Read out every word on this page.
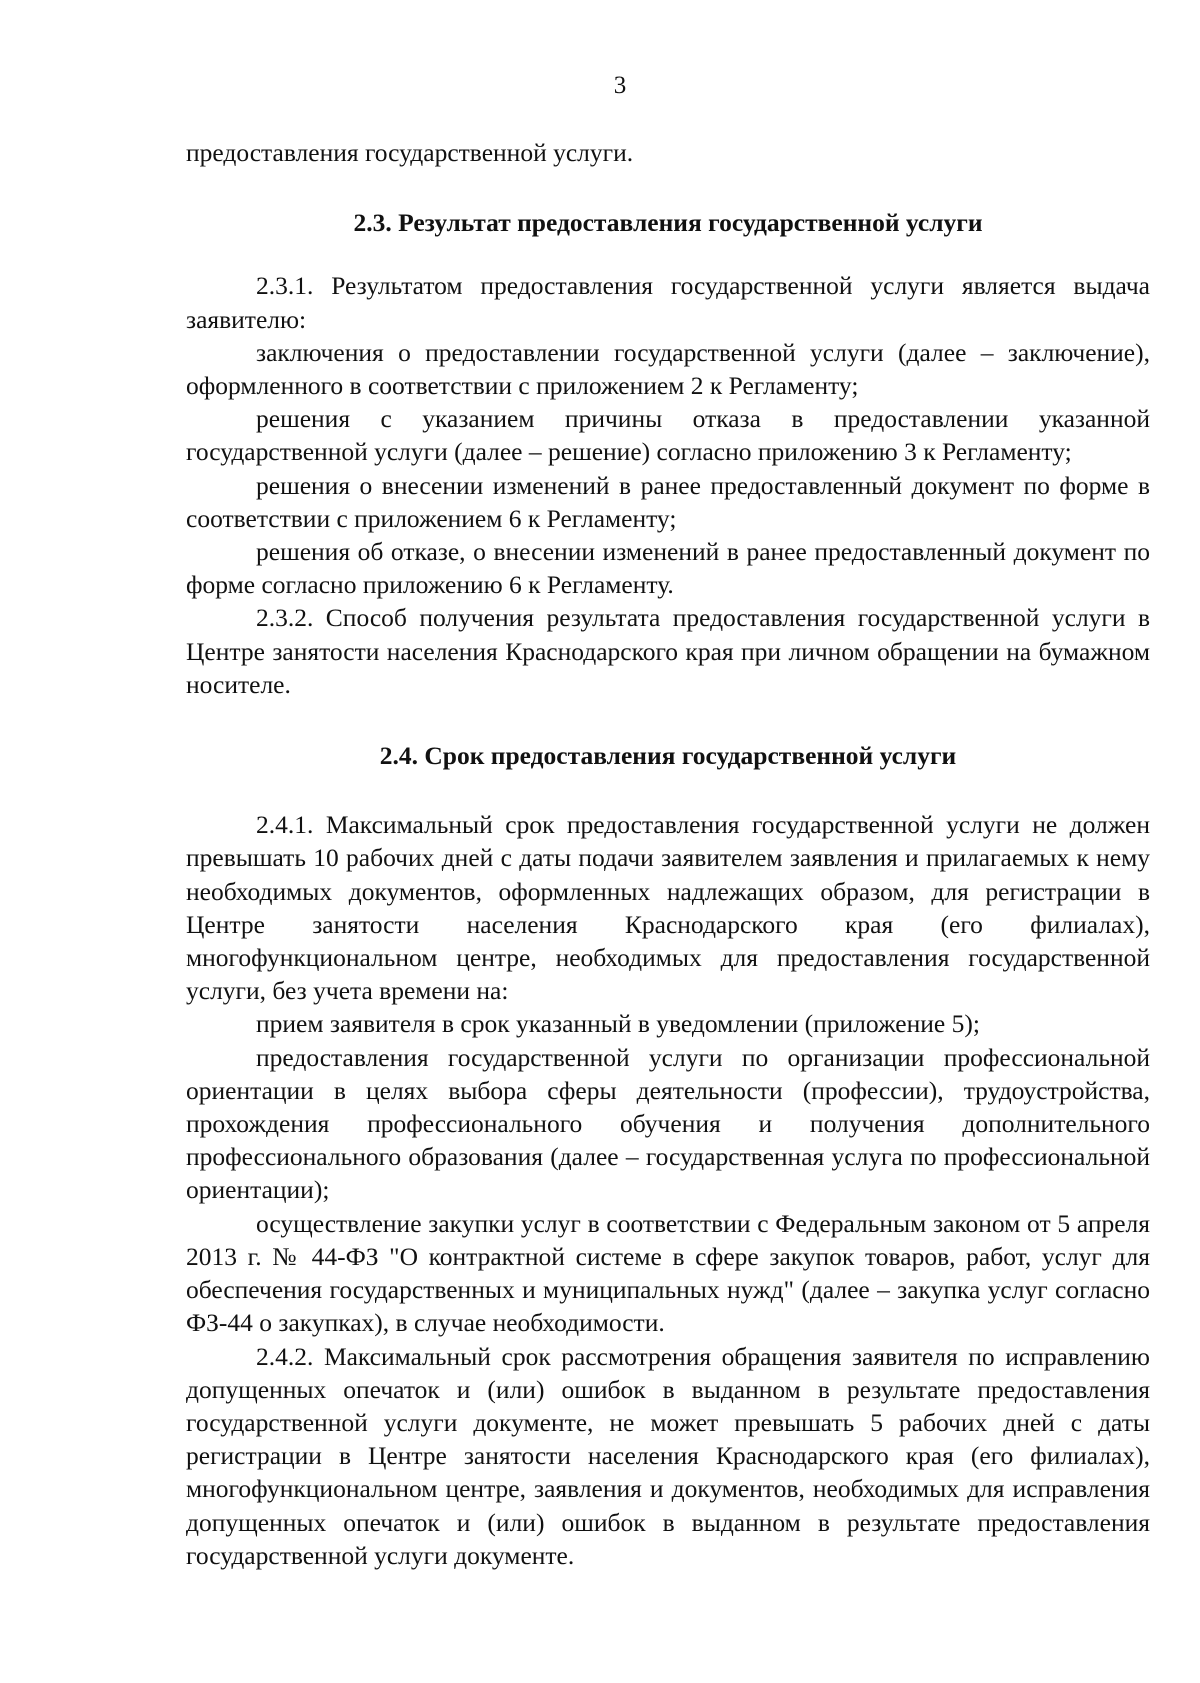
3

предоставления государственной услуги.

2.3. Результат предоставления государственной услуги

2.3.1. Результатом предоставления государственной услуги является выдача заявителю:

заключения о предоставлении государственной услуги (далее – заключение), оформленного в соответствии с приложением 2 к Регламенту;

решения с указанием причины отказа в предоставлении указанной государственной услуги (далее – решение) согласно приложению 3 к Регламенту;

решения о внесении изменений в ранее предоставленный документ по форме в соответствии с приложением 6 к Регламенту;

решения об отказе, о внесении изменений в ранее предоставленный документ по форме согласно приложению 6 к Регламенту.

2.3.2. Способ получения результата предоставления государственной услуги в Центре занятости населения Краснодарского края при личном обращении на бумажном носителе.

2.4. Срок предоставления государственной услуги

2.4.1. Максимальный срок предоставления государственной услуги не должен превышать 10 рабочих дней с даты подачи заявителем заявления и прилагаемых к нему необходимых документов, оформленных надлежащих образом, для регистрации в Центре занятости населения Краснодарского края (его филиалах), многофункциональном центре, необходимых для предоставления государственной услуги, без учета времени на:

прием заявителя в срок указанный в уведомлении (приложение 5);

предоставления государственной услуги по организации профессиональной ориентации в целях выбора сферы деятельности (профессии), трудоустройства, прохождения профессионального обучения и получения дополнительного профессионального образования (далее – государственная услуга по профессиональной ориентации);

осуществление закупки услуг в соответствии с Федеральным законом от 5 апреля 2013 г. № 44-ФЗ "О контрактной системе в сфере закупок товаров, работ, услуг для обеспечения государственных и муниципальных нужд" (далее – закупка услуг согласно ФЗ-44 о закупках), в случае необходимости.

2.4.2. Максимальный срок рассмотрения обращения заявителя по исправлению допущенных опечаток и (или) ошибок в выданном в результате предоставления государственной услуги документе, не может превышать 5 рабочих дней с даты регистрации в Центре занятости населения Краснодарского края (его филиалах), многофункциональном центре, заявления и документов, необходимых для исправления допущенных опечаток и (или) ошибок в выданном в результате предоставления государственной услуги документе.
